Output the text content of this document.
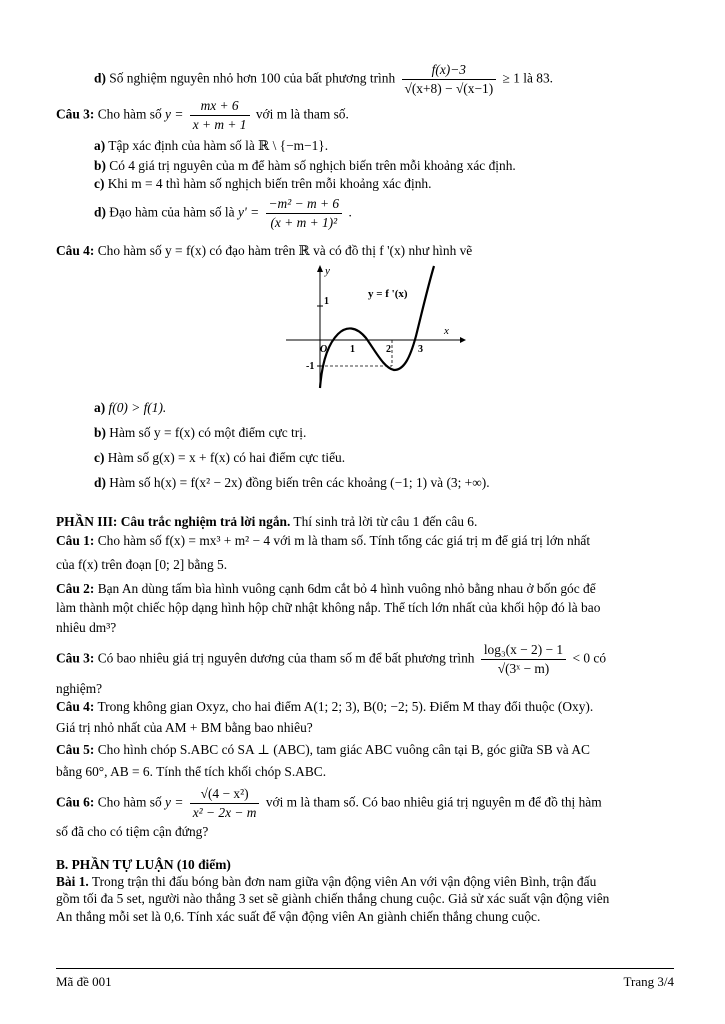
d) Số nghiệm nguyên nhỏ hơn 100 của bất phương trình $\frac{f(x)-3}{√(x+8) - √(x-1)} \ge 1$ là 83.
Câu 3: Cho hàm số $y = \frac{mx + 6}{x + m + 1}$ với m là tham số.
a) Tập xác định của hàm số là ℝ \ {−m−1}.
b) Có 4 giá trị nguyên của m để hàm số nghịch biến trên mỗi khoảng xác định.
c) Khi m = 4 thì hàm số nghịch biến trên mỗi khoảng xác định.
d) Đạo hàm của hàm số là $y' = \frac{\text{−m² − m + 6}}{\text{(x + m + 1)²}}$ .
Câu 4: Cho hàm số y = f(x) có đạo hàm trên ℝ và có đồ thị f '(x) như hình vẽ
y
x
O
y = f '(x)
1
-1
1	2	3
a) f(0) > f(1).
b) Hàm số y = f(x) có một điểm cực trị.
c) Hàm số g(x) = x + f(x) có hai điểm cực tiểu.
d) Hàm số h(x) = f(x² − 2x) đồng biến trên các khoảng (−1; 1) và (3; +∞).
PHẦN III: Câu trắc nghiệm trả lời ngắn. Thí sinh trả lời từ câu 1 đến câu 6.
Câu 1: Cho hàm số f(x) = mx³ + m² − 4 với m là tham số. Tính tổng các giá trị m để giá trị lớn nhất
của f(x) trên đoạn [0; 2] bằng 5.
Câu 2: Bạn An dùng tấm bìa hình vuông cạnh 6dm cắt bỏ 4 hình vuông nhỏ bằng nhau ở bốn góc để
làm thành một chiếc hộp dạng hình hộp chữ nhật không nắp. Thể tích lớn nhất của khối hộp đó là bao
nhiêu dm³?
Câu 3: Có bao nhiêu giá trị nguyên dương của tham số m để bất phương trình $\frac{\text{log₃(x − 2) − 1}}{\text{√(3ˣ − m)}} < 0$ có
nghiệm?
Câu 4: Trong không gian Oxyz, cho hai điểm A(1; 2; 3), B(0; −2; 5). Điểm M thay đổi thuộc (Oxy).
Giá trị nhỏ nhất của AM + BM bằng bao nhiêu?
Câu 5: Cho hình chóp S.ABC có SA ⊥ (ABC), tam giác ABC vuông cân tại B, góc giữa SB và AC
bằng 60°, AB = 6. Tính thể tích khối chóp S.ABC.
Câu 6: Cho hàm số $y = \frac{\text{√(4 − x²)}}{\text{x² − 2x − m}}$ với m là tham số. Có bao nhiêu giá trị nguyên m để đồ thị hàm
số đã cho có tiệm cận đứng?
B. PHẦN TỰ LUẬN (10 điểm)
Bài 1. Trong trận thi đấu bóng bàn đơn nam giữa vận động viên An với vận động viên Bình, trận đấu
gồm tối đa 5 set, người nào thắng 3 set sẽ giành chiến thắng chung cuộc. Giả sử xác suất vận động viên
An thắng mỗi set là 0,6. Tính xác suất để vận động viên An giành chiến thắng chung cuộc.
Mã đề 001	Trang 3/4
